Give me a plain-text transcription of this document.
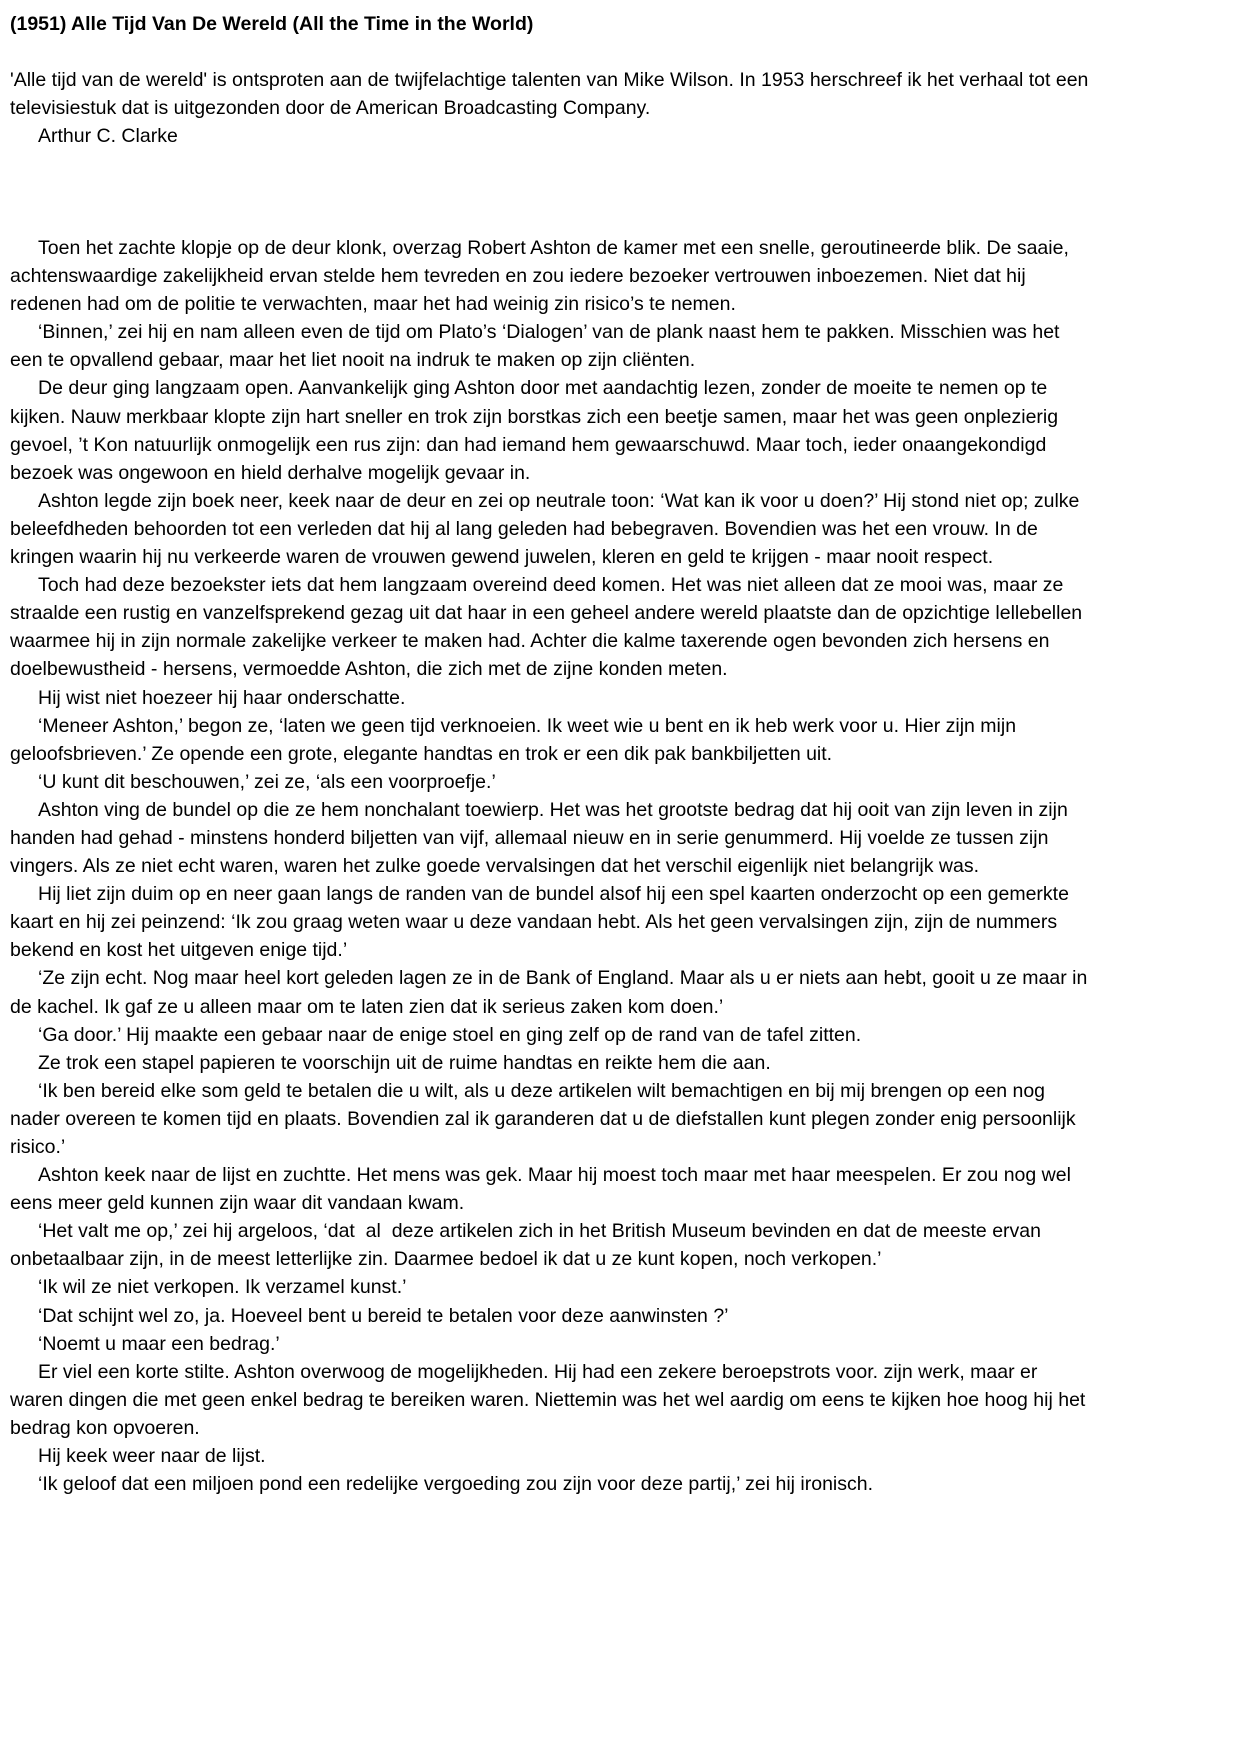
(1951) Alle Tijd Van De Wereld (All the Time in the World)

'Alle tijd van de wereld' is ontsproten aan de twijfelachtige talenten van Mike Wilson. In 1953 herschreef ik het verhaal tot een televisiestuk dat is uitgezonden door de American Broadcasting Company.

Arthur C. Clarke

Toen het zachte klopje op de deur klonk, overzag Robert Ashton de kamer met een snelle, geroutineerde blik. De saaie, achtenswaardige zakelijkheid ervan stelde hem tevreden en zou iedere bezoeker vertrouwen inboezemen. Niet dat hij redenen had om de politie te verwachten, maar het had weinig zin risico’s te nemen.

‘Binnen,’ zei hij en nam alleen even de tijd om Plato’s ‘Dialogen’ van de plank naast hem te pakken. Misschien was het een te opvallend gebaar, maar het liet nooit na indruk te maken op zijn cliënten.

De deur ging langzaam open. Aanvankelijk ging Ashton door met aandachtig lezen, zonder de moeite te nemen op te kijken. Nauw merkbaar klopte zijn hart sneller en trok zijn borstkas zich een beetje samen, maar het was geen onplezierig gevoel, ’t Kon natuurlijk onmogelijk een rus zijn: dan had iemand hem gewaarschuwd. Maar toch, ieder onaangekondigd bezoek was ongewoon en hield derhalve mogelijk gevaar in.

Ashton legde zijn boek neer, keek naar de deur en zei op neutrale toon: ‘Wat kan ik voor u doen?’ Hij stond niet op; zulke beleefdheden behoorden tot een verleden dat hij al lang geleden had bebegraven. Bovendien was het een vrouw. In de kringen waarin hij nu verkeerde waren de vrouwen gewend juwelen, kleren en geld te krijgen - maar nooit respect.

Toch had deze bezoekster iets dat hem langzaam overeind deed komen. Het was niet alleen dat ze mooi was, maar ze straalde een rustig en vanzelfsprekend gezag uit dat haar in een geheel andere wereld plaatste dan de opzichtige lellebellen waarmee hij in zijn normale zakelijke verkeer te maken had. Achter die kalme taxerende ogen bevonden zich hersens en doelbewustheid - hersens, vermoedde Ashton, die zich met de zijne konden meten.

Hij wist niet hoezeer hij haar onderschatte.

‘Meneer Ashton,’ begon ze, ‘laten we geen tijd verknoeien. Ik weet wie u bent en ik heb werk voor u. Hier zijn mijn geloofsbrieven.’ Ze opende een grote, elegante handtas en trok er een dik pak bankbiljetten uit.

‘U kunt dit beschouwen,’ zei ze, ‘als een voorproefje.’

Ashton ving de bundel op die ze hem nonchalant toewierp. Het was het grootste bedrag dat hij ooit van zijn leven in zijn handen had gehad - minstens honderd biljetten van vijf, allemaal nieuw en in serie genummerd. Hij voelde ze tussen zijn vingers. Als ze niet echt waren, waren het zulke goede vervalsingen dat het verschil eigenlijk niet belangrijk was.

Hij liet zijn duim op en neer gaan langs de randen van de bundel alsof hij een spel kaarten onderzocht op een gemerkte kaart en hij zei peinzend: ‘Ik zou graag weten waar u deze vandaan hebt. Als het geen vervalsingen zijn, zijn de nummers bekend en kost het uitgeven enige tijd.’

‘Ze zijn echt. Nog maar heel kort geleden lagen ze in de Bank of England. Maar als u er niets aan hebt, gooit u ze maar in de kachel. Ik gaf ze u alleen maar om te laten zien dat ik serieus zaken kom doen.’

‘Ga door.’ Hij maakte een gebaar naar de enige stoel en ging zelf op de rand van de tafel zitten.

Ze trok een stapel papieren te voorschijn uit de ruime handtas en reikte hem die aan.

‘Ik ben bereid elke som geld te betalen die u wilt, als u deze artikelen wilt bemachtigen en bij mij brengen op een nog nader overeen te komen tijd en plaats. Bovendien zal ik garanderen dat u de diefstallen kunt plegen zonder enig persoonlijk risico.’

Ashton keek naar de lijst en zuchtte. Het mens was gek. Maar hij moest toch maar met haar meespelen. Er zou nog wel eens meer geld kunnen zijn waar dit vandaan kwam.

‘Het valt me op,’ zei hij argeloos, ‘dat  al  deze artikelen zich in het British Museum bevinden en dat de meeste ervan onbetaalbaar zijn, in de meest letterlijke zin. Daarmee bedoel ik dat u ze kunt kopen, noch verkopen.’

‘Ik wil ze niet verkopen. Ik verzamel kunst.’

‘Dat schijnt wel zo, ja. Hoeveel bent u bereid te betalen voor deze aanwinsten ?’

‘Noemt u maar een bedrag.’

Er viel een korte stilte. Ashton overwoog de mogelijkheden. Hij had een zekere beroepstrots voor. zijn werk, maar er waren dingen die met geen enkel bedrag te bereiken waren. Niettemin was het wel aardig om eens te kijken hoe hoog hij het bedrag kon opvoeren.

Hij keek weer naar de lijst.

‘Ik geloof dat een miljoen pond een redelijke vergoeding zou zijn voor deze partij,’ zei hij ironisch.
